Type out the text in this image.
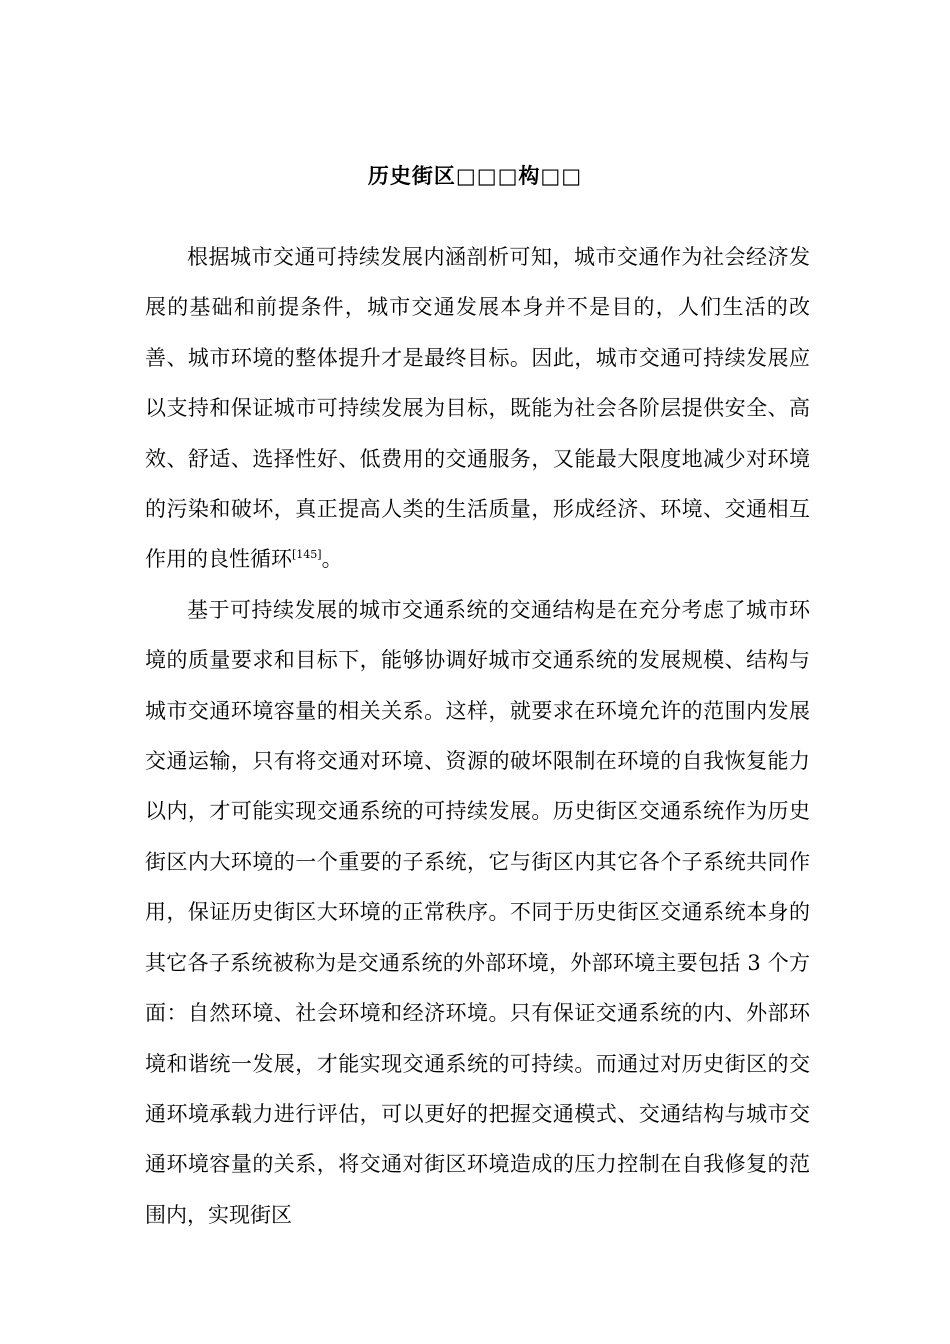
历史街区□□□构□□

根据城市交通可持续发展内涵剖析可知，城市交通作为社会经济发展的基础和前提条件，城市交通发展本身并不是目的，人们生活的改善、城市环境的整体提升才是最终目标。因此，城市交通可持续发展应以支持和保证城市可持续发展为目标，既能为社会各阶层提供安全、高效、舒适、选择性好、低费用的交通服务，又能最大限度地减少对环境的污染和破坏，真正提高人类的生活质量，形成经济、环境、交通相互作用的良性循环[145]。

基于可持续发展的城市交通系统的交通结构是在充分考虑了城市环境的质量要求和目标下，能够协调好城市交通系统的发展规模、结构与城市交通环境容量的相关关系。这样，就要求在环境允许的范围内发展交通运输，只有将交通对环境、资源的破坏限制在环境的自我恢复能力以内，才可能实现交通系统的可持续发展。历史街区交通系统作为历史街区内大环境的一个重要的子系统，它与街区内其它各个子系统共同作用，保证历史街区大环境的正常秩序。不同于历史街区交通系统本身的其它各子系统被称为是交通系统的外部环境，外部环境主要包括 3 个方面：自然环境、社会环境和经济环境。只有保证交通系统的内、外部环境和谐统一发展，才能实现交通系统的可持续。而通过对历史街区的交通环境承载力进行评估，可以更好的把握交通模式、交通结构与城市交通环境容量的关系，将交通对街区环境造成的压力控制在自我修复的范围内，实现街区
